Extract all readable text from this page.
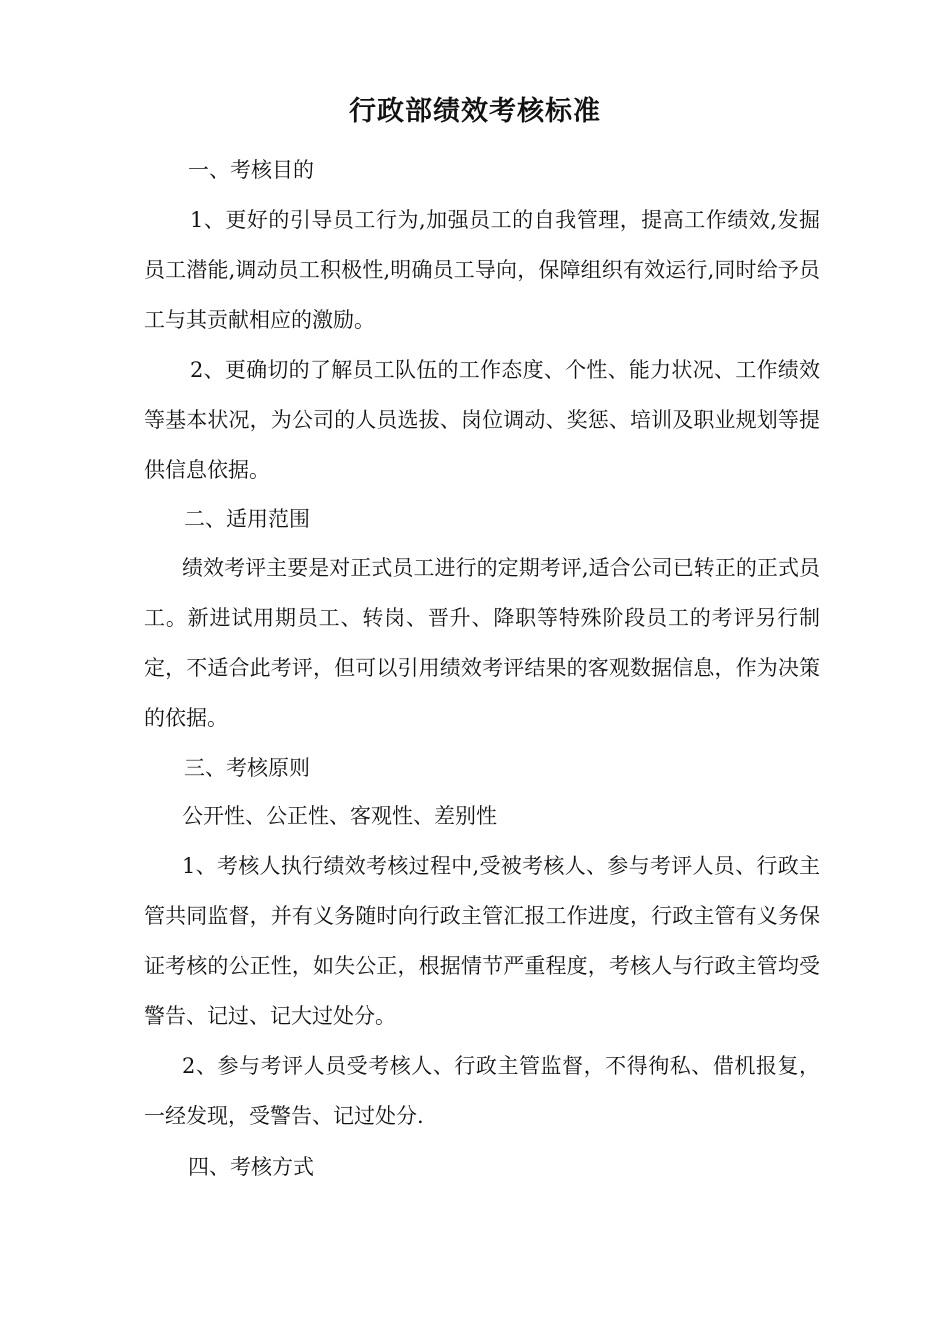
行政部绩效考核标准
一、考核目的
1、更好的引导员工行为,加强员工的自我管理，提高工作绩效,发掘员工潜能,调动员工积极性,明确员工导向，保障组织有效运行,同时给予员工与其贡献相应的激励。
2、更确切的了解员工队伍的工作态度、个性、能力状况、工作绩效等基本状况，为公司的人员选拔、岗位调动、奖惩、培训及职业规划等提供信息依据。
二、适用范围
绩效考评主要是对正式员工进行的定期考评,适合公司已转正的正式员工。新进试用期员工、转岗、晋升、降职等特殊阶段员工的考评另行制定，不适合此考评，但可以引用绩效考评结果的客观数据信息，作为决策的依据。
三、考核原则
公开性、公正性、客观性、差别性
1、考核人执行绩效考核过程中,受被考核人、参与考评人员、行政主管共同监督，并有义务随时向行政主管汇报工作进度，行政主管有义务保证考核的公正性，如失公正，根据情节严重程度，考核人与行政主管均受警告、记过、记大过处分。
2、参与考评人员受考核人、行政主管监督，不得徇私、借机报复，一经发现，受警告、记过处分.
四、考核方式
